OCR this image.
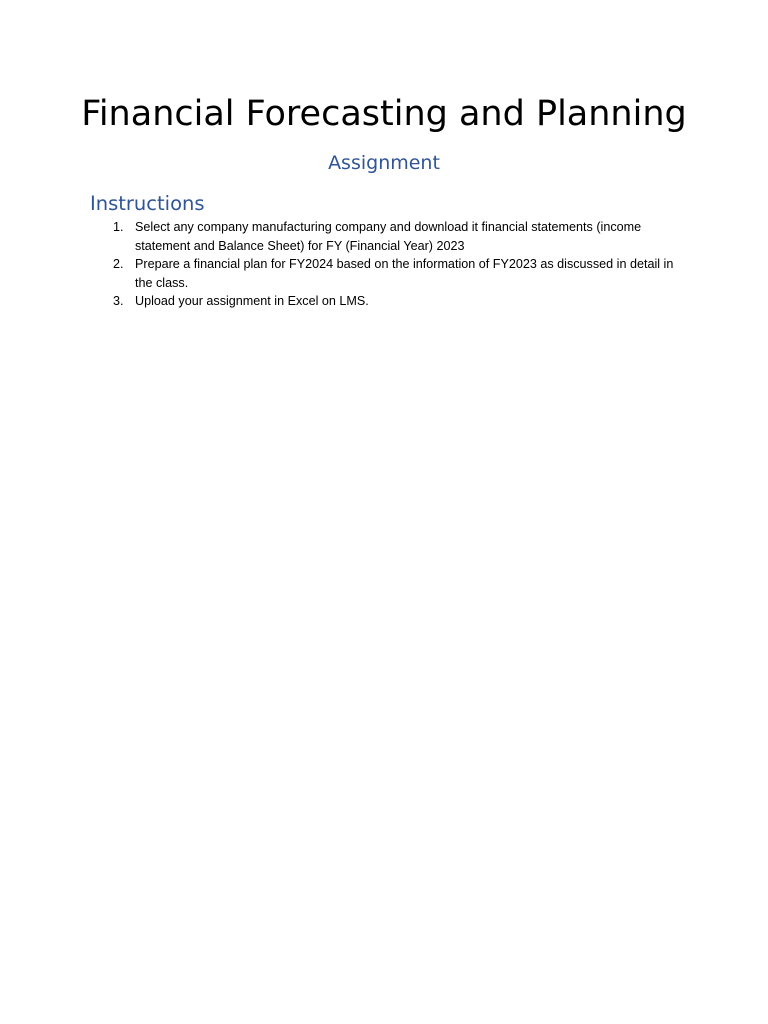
Financial Forecasting and Planning
Assignment
Instructions
1. Select any company manufacturing company and download it financial statements (income statement and Balance Sheet) for FY (Financial Year) 2023
2. Prepare a financial plan for FY2024 based on the information of FY2023 as discussed in detail in the class.
3. Upload your assignment in Excel on LMS.
